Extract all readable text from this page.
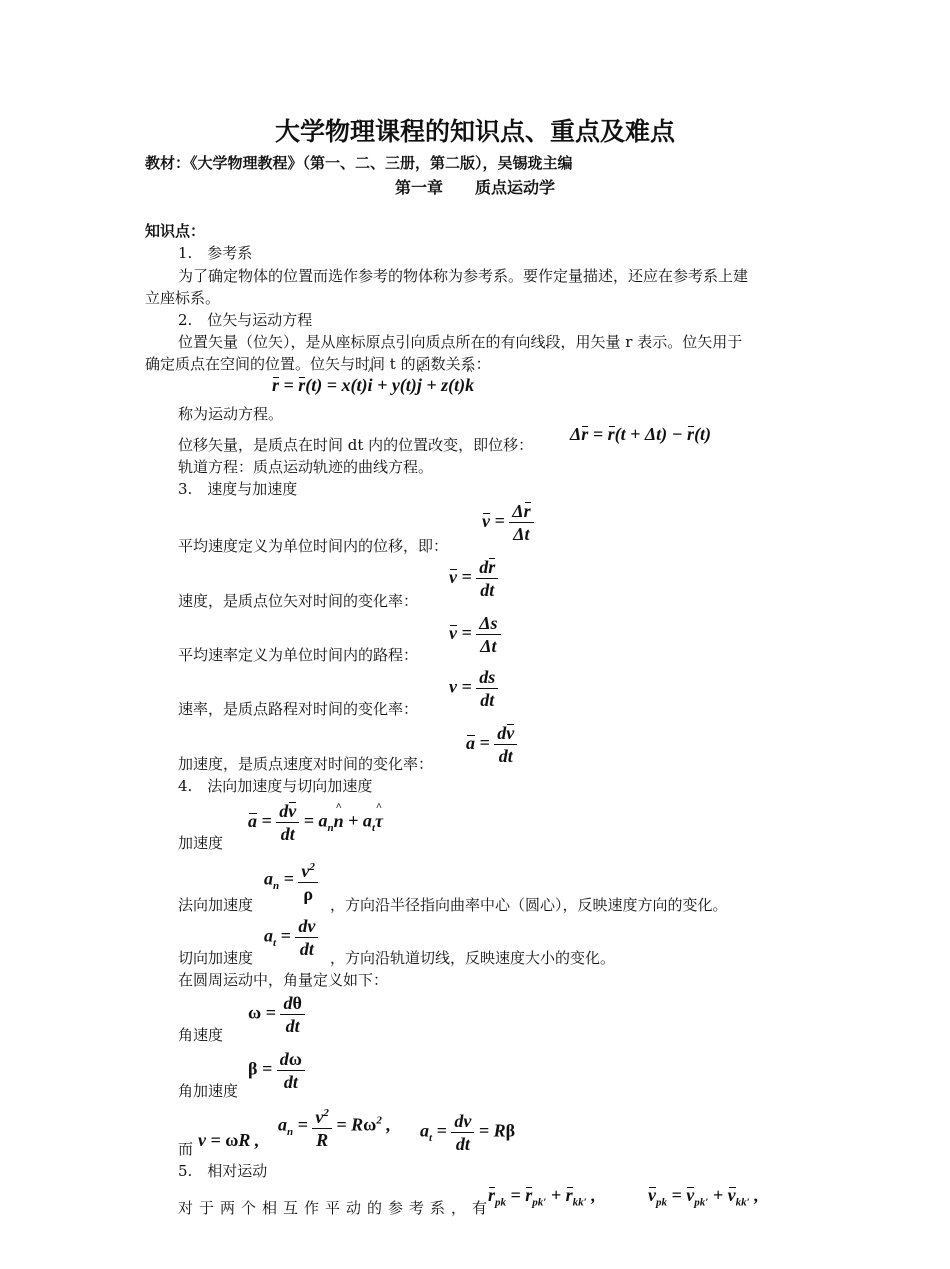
大学物理课程的知识点、重点及难点
教材：《大学物理教程》（第一、二、三册，第二版），吴锡珑主编
第一章　　质点运动学
知识点：
1.　参考系
为了确定物体的位置而选作参考的物体称为参考系。要作定量描述，还应在参考系上建
立座标系。
2.　位矢与运动方程
位置矢量（位矢），是从座标原点引向质点所在的有向线段，用矢量 r 表示。位矢用于
确定质点在空间的位置。位矢与时间 t 的函数关系：
r = r(t) = x(t)^ i + y(t)^ j + z(t)^ k
称为运动方程。
位移矢量，是质点在时间 dt 内的位置改变，即位移：
Δr = r(t + Δt) − r(t)
轨道方程：质点运动轨迹的曲线方程。
3.　速度与加速度
平均速度定义为单位时间内的位移，即：
$v = \frac{\Delta r}{\Delta t}$
速度，是质点位矢对时间的变化率：
$v = \frac{dr}{dt}$
平均速率定义为单位时间内的路程：
$v = \frac{\Delta s}{\Delta t}$
速率，是质点路程对时间的变化率：
$v = \frac{ds}{dt}$
加速度，是质点速度对时间的变化率：
$a = \frac{dv}{dt}$
4.　法向加速度与切向加速度
加速度
$a = \frac{dv}{dt}$ = $a_n\^{}$ $n + a_t\^{}$ τ
法向加速度
$a_n = \frac{v^2}{\rho}$ ，方向沿半径指向曲率中心（圆心），反映速度方向的变化。
切向加速度
$a_t = \frac{dv}{dt}$ ，方向沿轨道切线，反映速度大小的变化。
在圆周运动中，角量定义如下：
角速度
$\omega = \frac{d\theta}{dt}$
角加速度
$\beta = \frac{d\omega}{dt}$
而 v = ωR ,
$a_n = \frac{v^2}{R} = R\omega^2$ , $a_t = \frac{dv}{dt} = R\beta$
5.　相对运动
对于两个相互作平动的参考系，有
$r_{pk} = r_{pk'} + r_{kk'}$ ,	$v_{pk} = v_{pk'} + v_{kk'}$ ,
